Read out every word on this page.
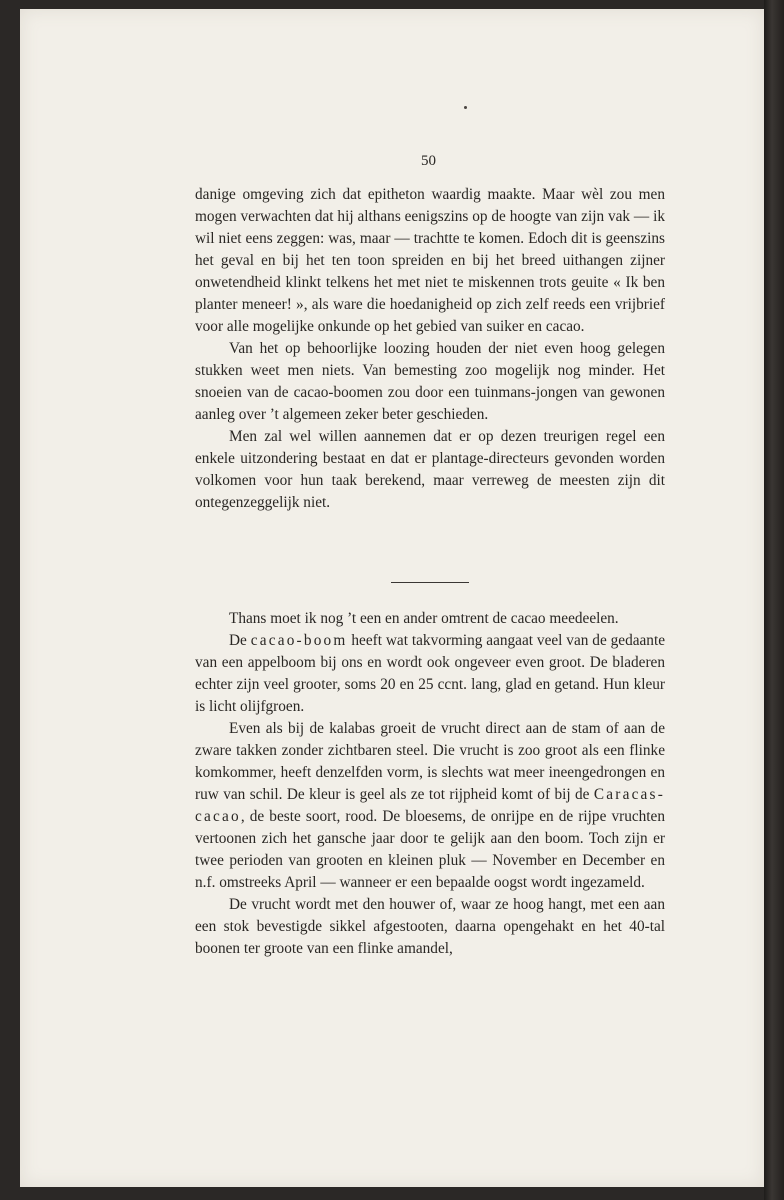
50

danige omgeving zich dat epitheton waardig maakte. Maar wèl zou men mogen verwachten dat hij althans eenigszins op de hoogte van zijn vak — ik wil niet eens zeggen: was, maar — trachtte te komen. Edoch dit is geenszins het geval en bij het ten toon spreiden en bij het breed uithangen zijner onwetendheid klinkt telkens het met niet te miskennen trots geuite « Ik ben planter meneer! », als ware die hoedanigheid op zich zelf reeds een vrijbrief voor alle mogelijke onkunde op het gebied van suiker en cacao.

Van het op behoorlijke loozing houden der niet even hoog gelegen stukken weet men niets. Van bemesting zoo mogelijk nog minder. Het snoeien van de cacao-boomen zou door een tuinmans-jongen van gewonen aanleg over ’t algemeen zeker beter geschieden.

Men zal wel willen aannemen dat er op dezen treurigen regel een enkele uitzondering bestaat en dat er plantage-directeurs gevonden worden volkomen voor hun taak berekend, maar verreweg de meesten zijn dit ontegenzeggelijk niet.

Thans moet ik nog ’t een en ander omtrent de cacao meedeelen.

De cacao-boom heeft wat takvorming aangaat veel van de gedaante van een appelboom bij ons en wordt ook ongeveer even groot. De bladeren echter zijn veel grooter, soms 20 en 25 ccnt. lang, glad en getand. Hun kleur is licht olijfgroen.

Even als bij de kalabas groeit de vrucht direct aan de stam of aan de zware takken zonder zichtbaren steel. Die vrucht is zoo groot als een flinke komkommer, heeft denzelfden vorm, is slechts wat meer ineengedrongen en ruw van schil. De kleur is geel als ze tot rijpheid komt of bij de Caracas-cacao, de beste soort, rood. De bloesems, de onrijpe en de rijpe vruchten vertoonen zich het gansche jaar door te gelijk aan den boom. Toch zijn er twee perioden van grooten en kleinen pluk — November en December en n.f. omstreeks April — wanneer er een bepaalde oogst wordt ingezameld.

De vrucht wordt met den houwer of, waar ze hoog hangt, met een aan een stok bevestigde sikkel afgestooten, daarna opengehakt en het 40-tal boonen ter groote van een flinke amandel,
